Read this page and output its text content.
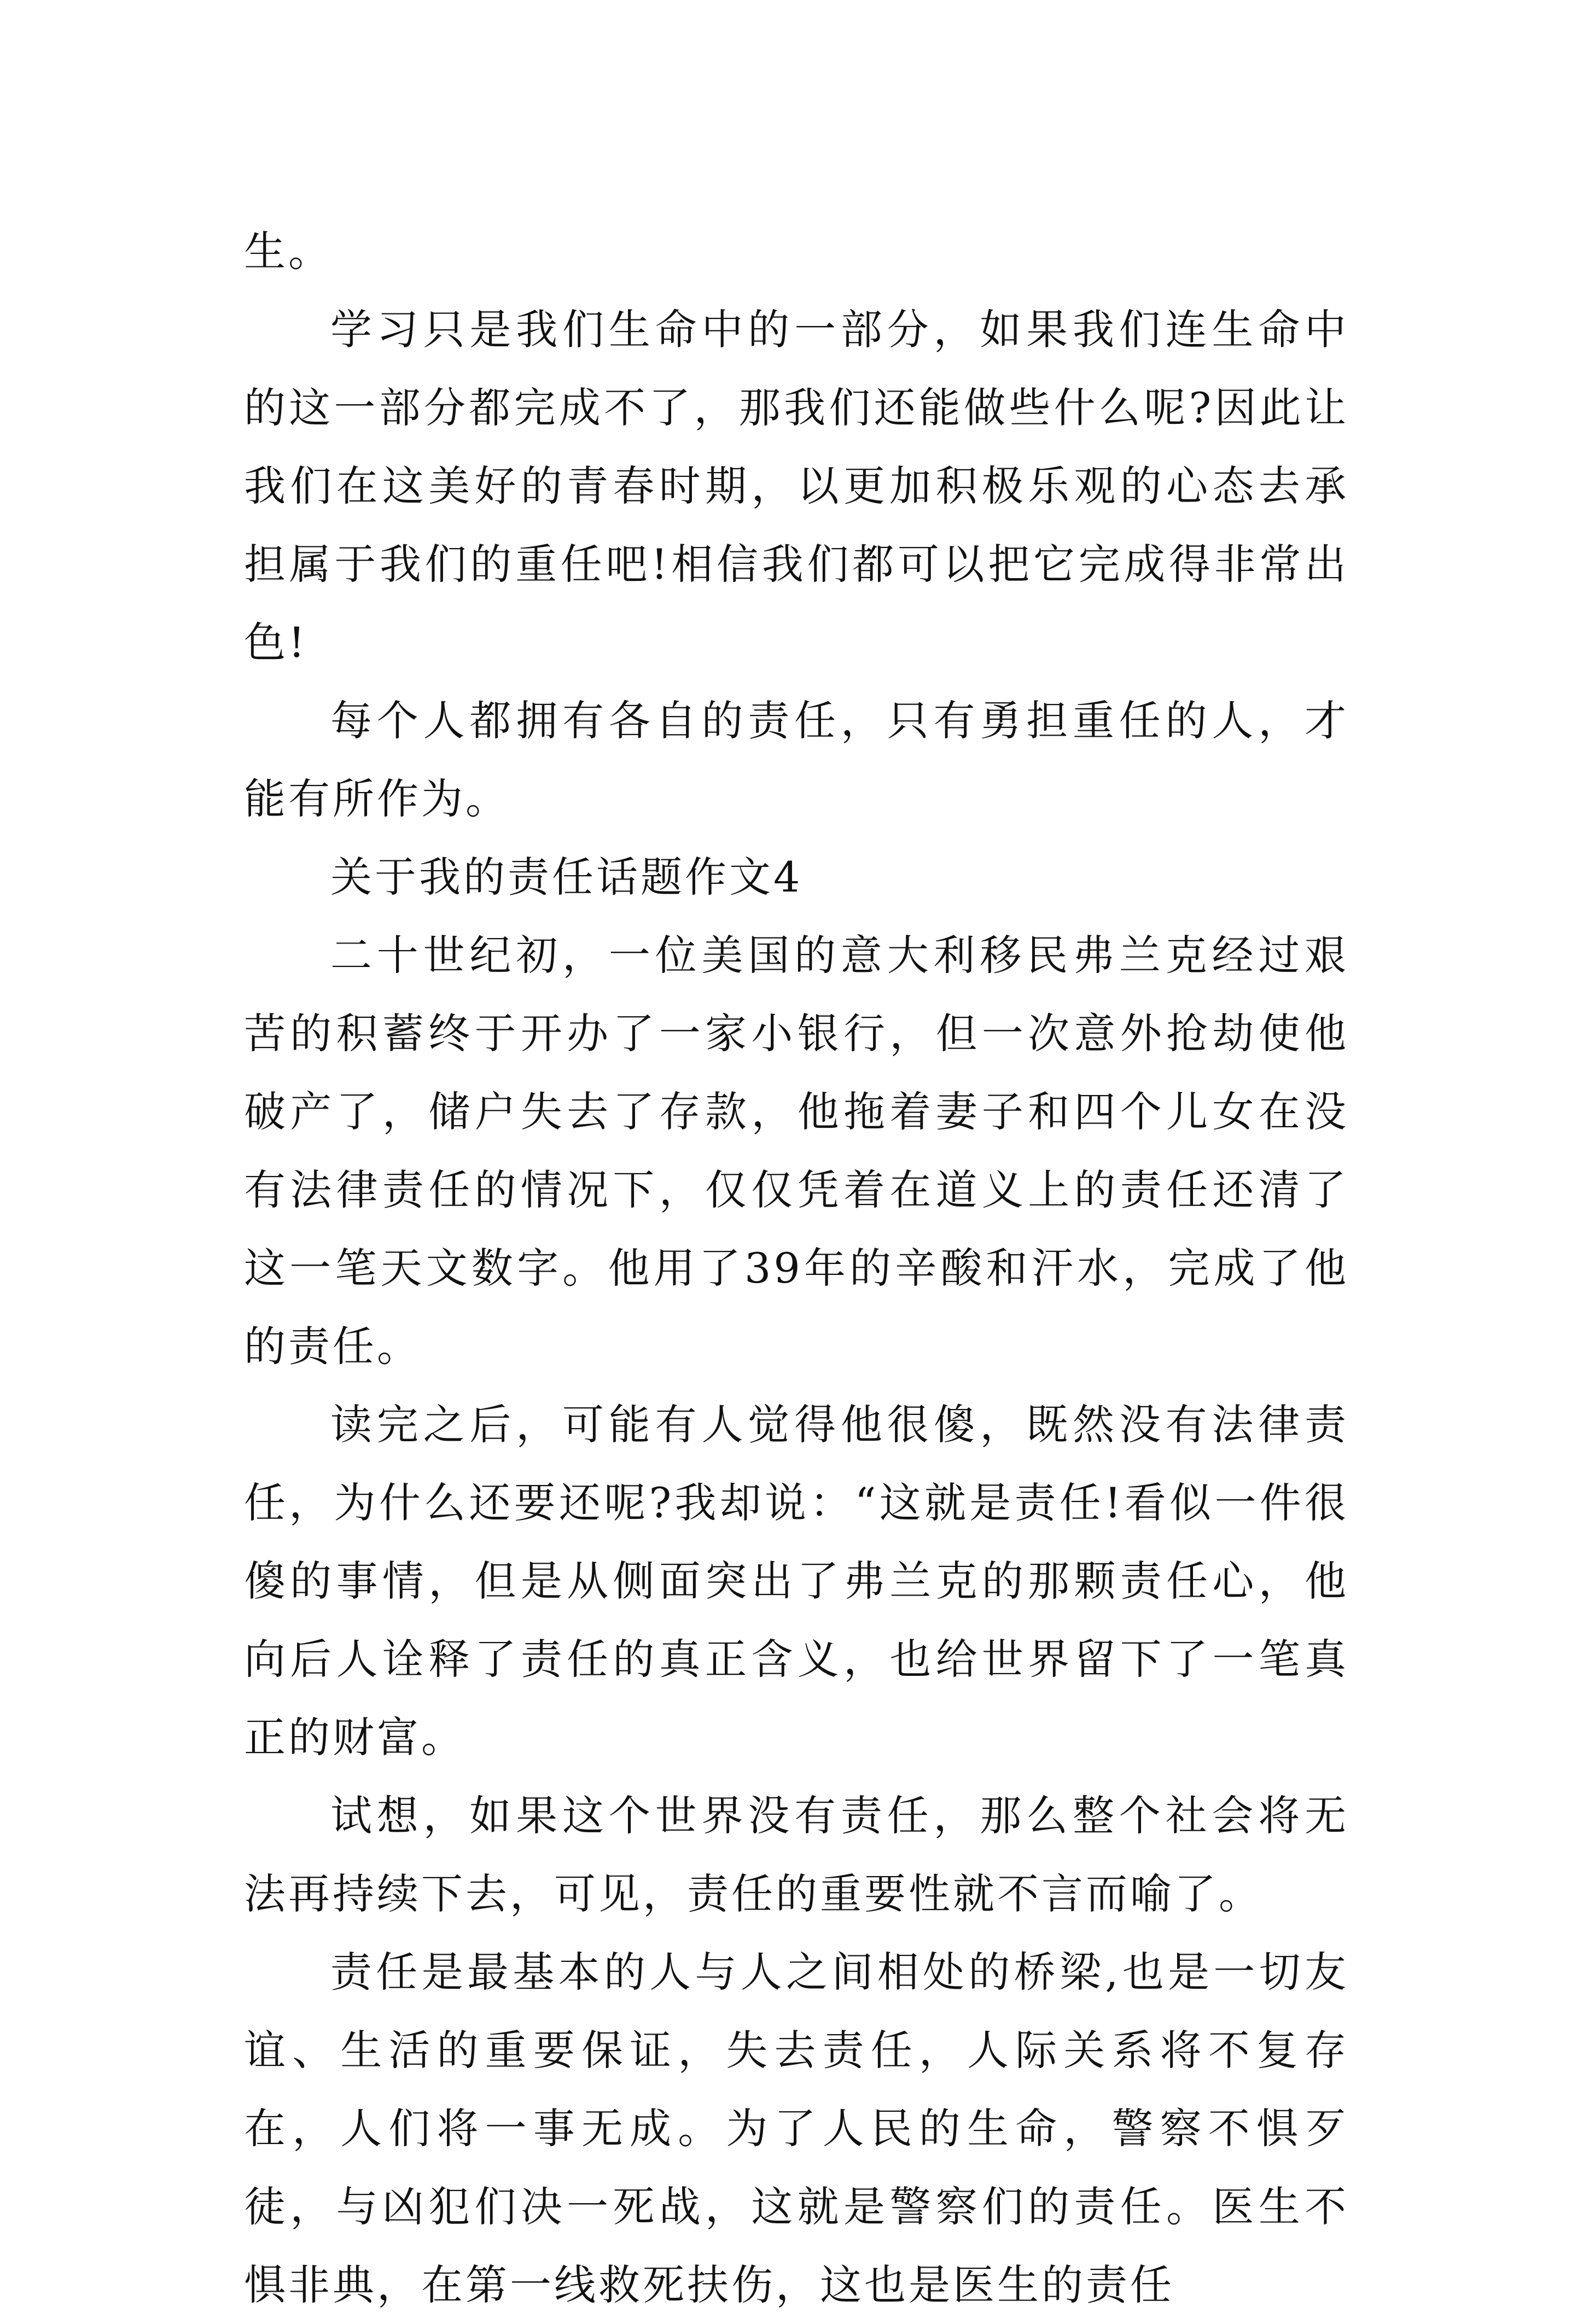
生。

学习只是我们生命中的一部分，如果我们连生命中的这一部分都完成不了，那我们还能做些什么呢?因此让我们在这美好的青春时期，以更加积极乐观的心态去承担属于我们的重任吧!相信我们都可以把它完成得非常出色!

每个人都拥有各自的责任，只有勇担重任的人，才能有所作为。

关于我的责任话题作文4

二十世纪初，一位美国的意大利移民弗兰克经过艰苦的积蓄终于开办了一家小银行，但一次意外抢劫使他破产了，储户失去了存款，他拖着妻子和四个儿女在没有法律责任的情况下，仅仅凭着在道义上的责任还清了这一笔天文数字。他用了39年的辛酸和汗水，完成了他的责任。

读完之后，可能有人觉得他很傻，既然没有法律责任，为什么还要还呢?我却说：“这就是责任!看似一件很傻的事情，但是从侧面突出了弗兰克的那颗责任心，他向后人诠释了责任的真正含义，也给世界留下了一笔真正的财富。

试想，如果这个世界没有责任，那么整个社会将无法再持续下去，可见，责任的重要性就不言而喻了。

责任是最基本的人与人之间相处的桥梁,也是一切友谊、生活的重要保证，失去责任，人际关系将不复存在，人们将一事无成。为了人民的生命，警察不惧歹徒，与凶犯们决一死战，这就是警察们的责任。医生不惧非典，在第一线救死扶伤，这也是医生的责任
